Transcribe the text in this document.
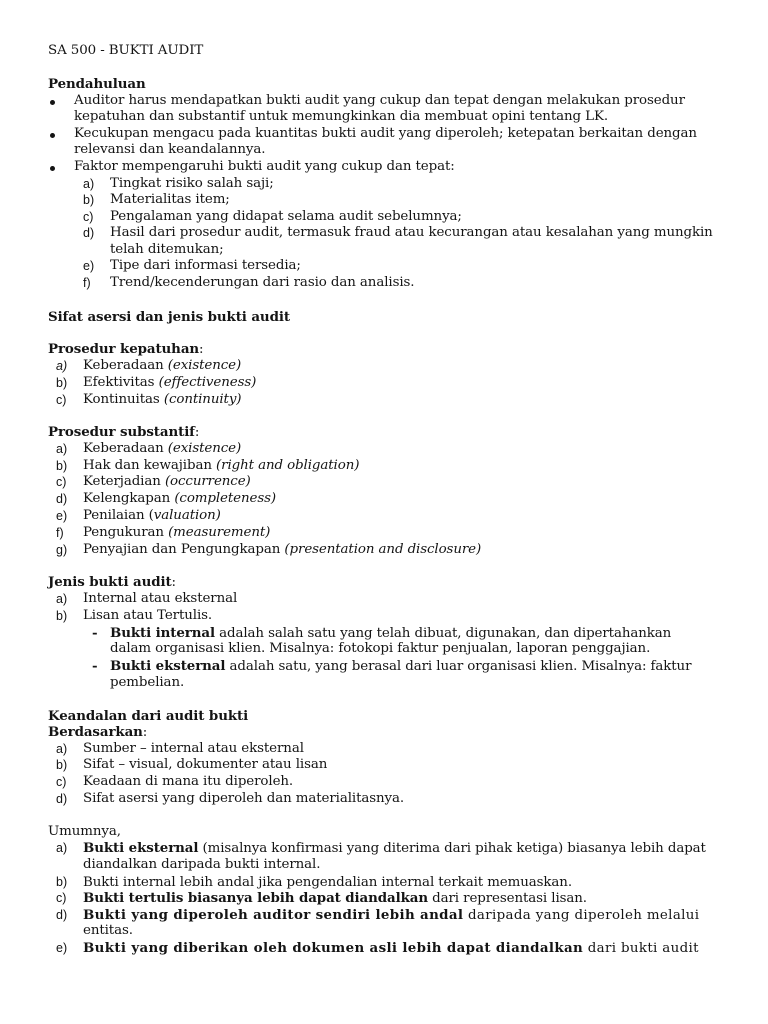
SA 500 - BUKTI AUDIT
Pendahuluan
Auditor harus mendapatkan bukti audit yang cukup dan tepat dengan melakukan prosedur
kepatuhan dan substantif untuk memungkinkan dia membuat opini tentang LK.
Kecukupan mengacu pada kuantitas bukti audit yang diperoleh; ketepatan berkaitan dengan
relevansi dan keandalannya.
Faktor mempengaruhi bukti audit yang cukup dan tepat:
a) Tingkat risiko salah saji;
b) Materialitas item;
c) Pengalaman yang didapat selama audit sebelumnya;
d) Hasil dari prosedur audit, termasuk fraud atau kecurangan atau kesalahan yang mungkin
telah ditemukan;
e) Tipe dari informasi tersedia;
f) Trend/kecenderungan dari rasio dan analisis.
Sifat asersi dan jenis bukti audit
Prosedur kepatuhan:
a) Keberadaan (existence)
b) Efektivitas (effectiveness)
c) Kontinuitas (continuity)
Prosedur substantif:
a) Keberadaan (existence)
b) Hak dan kewajiban (right and obligation)
c) Keterjadian (occurrence)
d) Kelengkapan (completeness)
e) Penilaian (valuation)
f) Pengukuran (measurement)
g) Penyajian dan Pengungkapan (presentation and disclosure)
Jenis bukti audit:
a) Internal atau eksternal
b) Lisan atau Tertulis.
- Bukti internal adalah salah satu yang telah dibuat, digunakan, dan dipertahankan
dalam organisasi klien. Misalnya: fotokopi faktur penjualan, laporan penggajian.
- Bukti eksternal adalah satu, yang berasal dari luar organisasi klien. Misalnya: faktur
pembelian.
Keandalan dari audit bukti
Berdasarkan:
a) Sumber – internal atau eksternal
b) Sifat – visual, dokumenter atau lisan
c) Keadaan di mana itu diperoleh.
d) Sifat asersi yang diperoleh dan materialitasnya.
Umumnya,
a) Bukti eksternal (misalnya konfirmasi yang diterima dari pihak ketiga) biasanya lebih dapat
diandalkan daripada bukti internal.
b) Bukti internal lebih andal jika pengendalian internal terkait memuaskan.
c) Bukti tertulis biasanya lebih dapat diandalkan dari representasi lisan.
d) Bukti yang diperoleh auditor sendiri lebih andal daripada yang diperoleh melalui
entitas.
e) Bukti yang diberikan oleh dokumen asli lebih dapat diandalkan dari bukti audit
